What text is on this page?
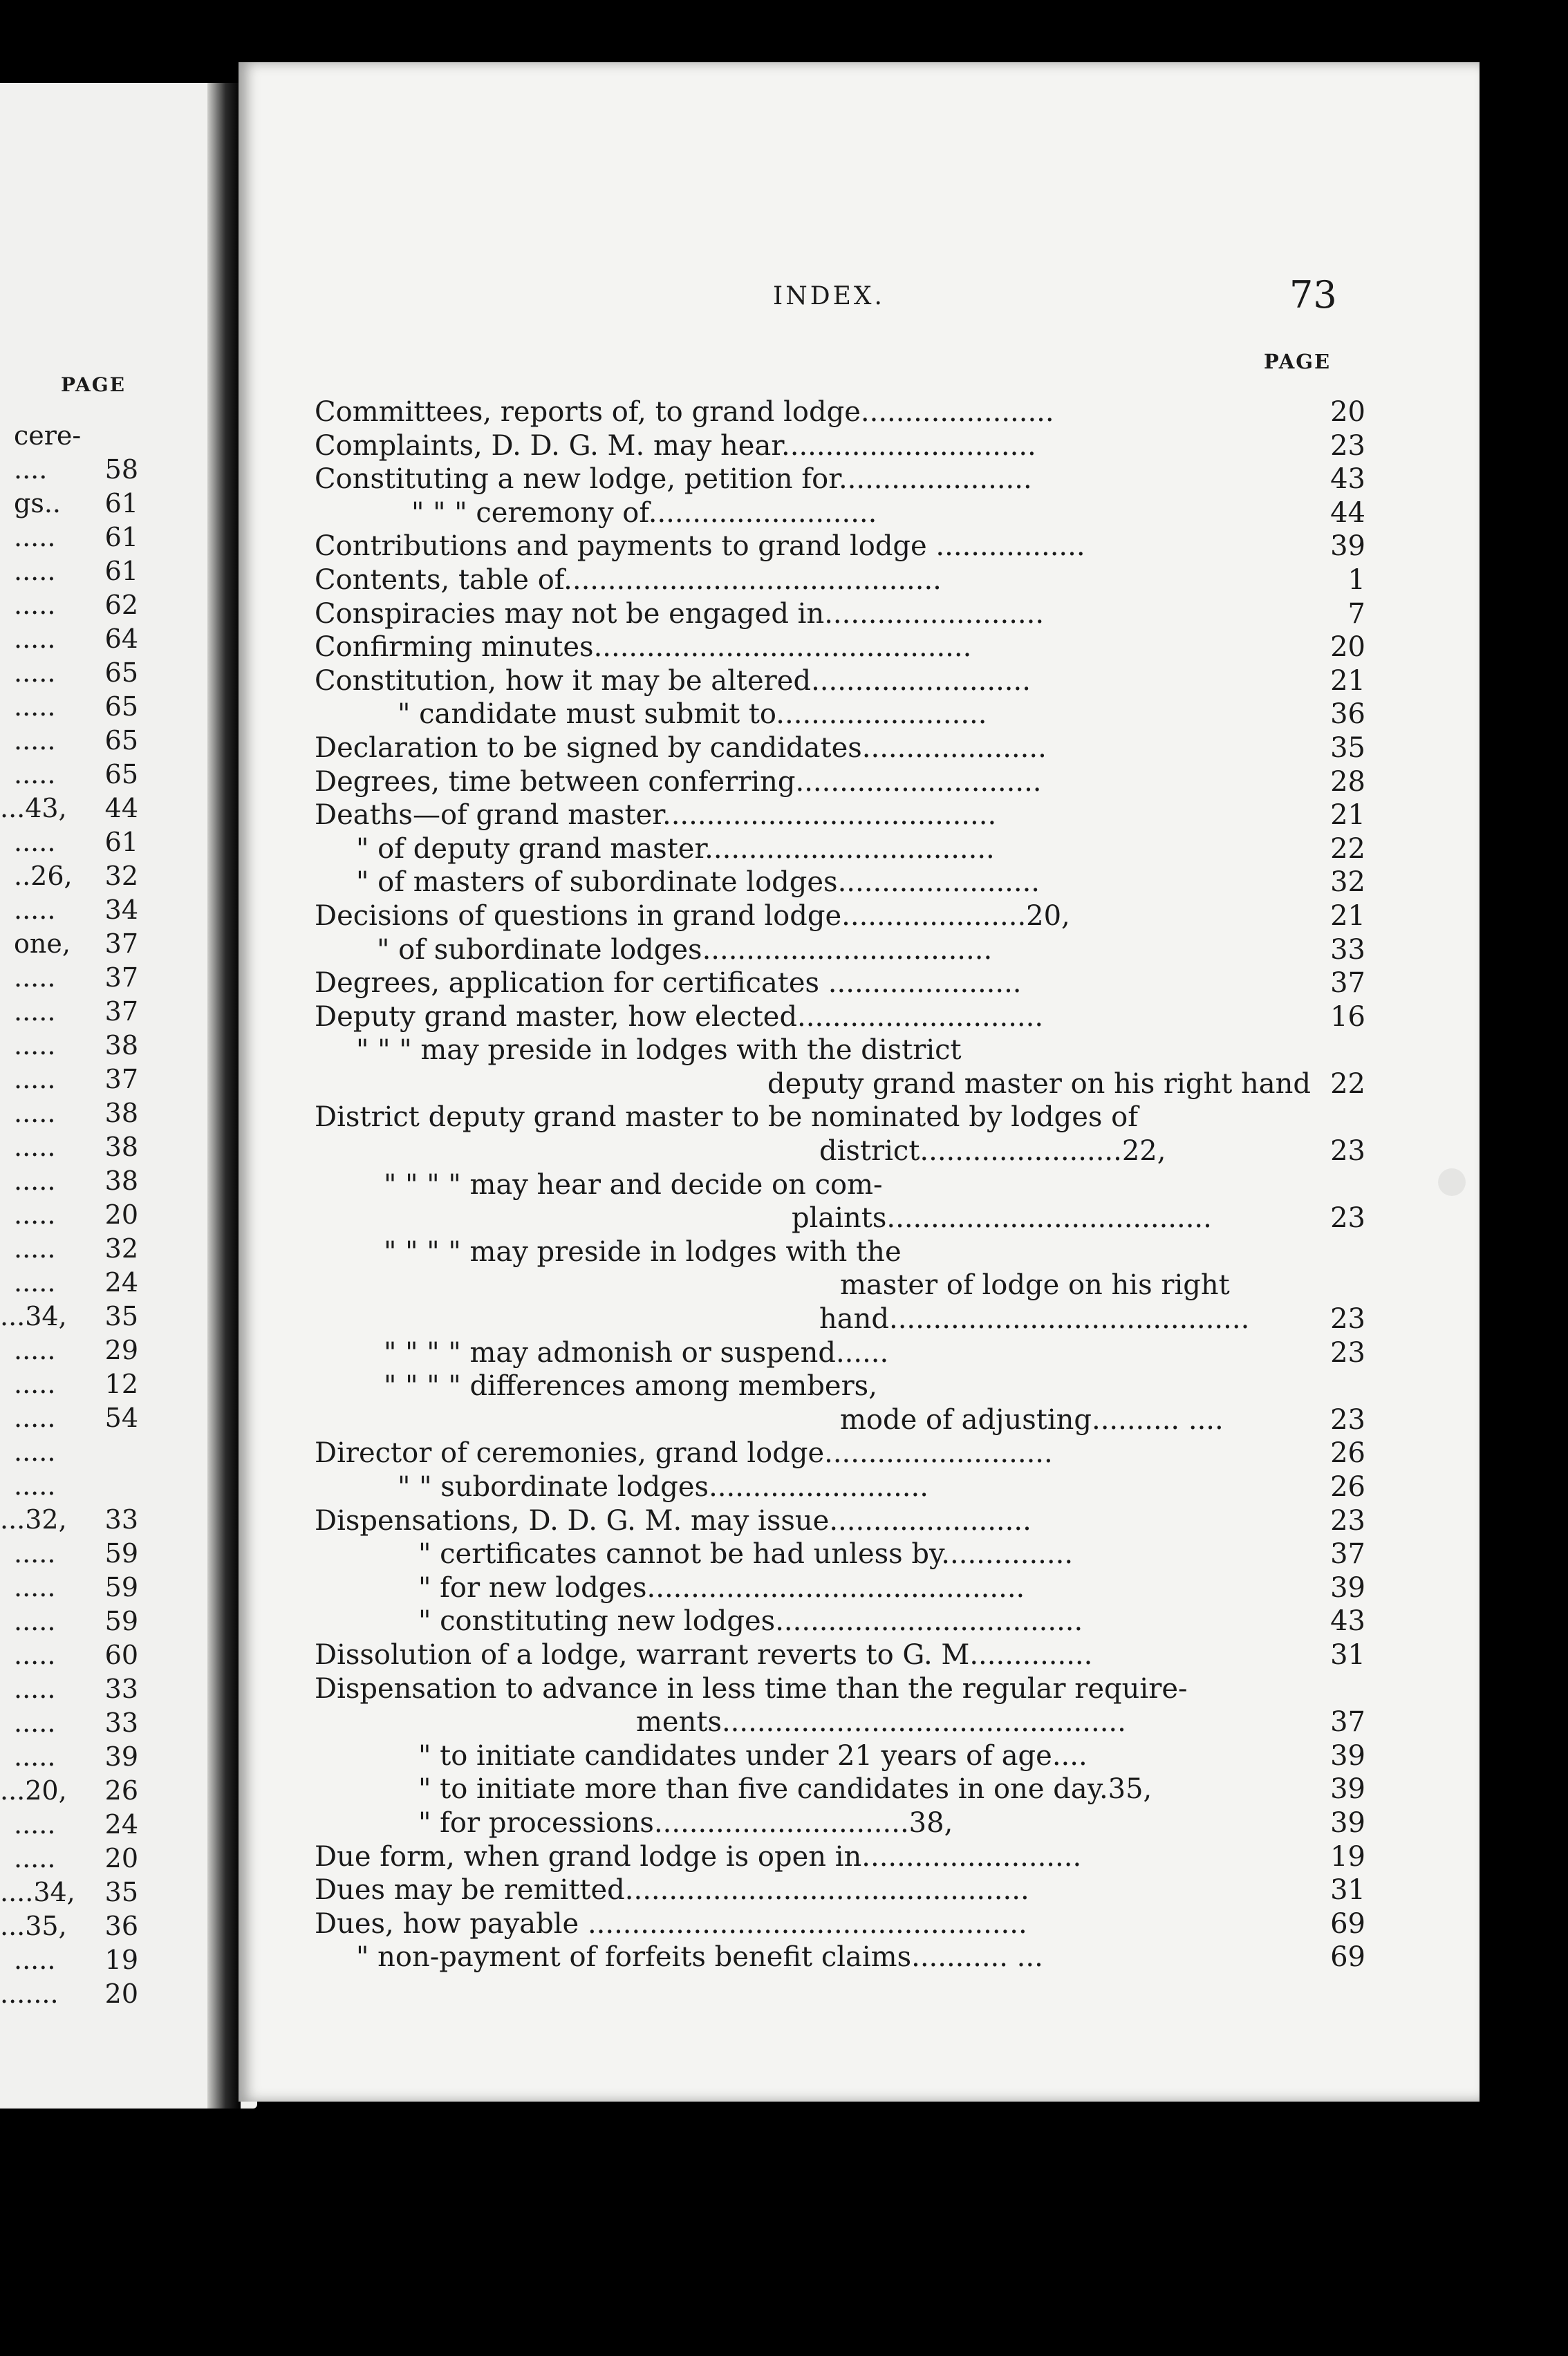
PAGE
cere-
.... 58
gs.. 61
..... 61
..... 61
..... 62
..... 64
..... 65
..... 65
..... 65
..... 65
...43, 44
..... 61
..26, 32
..... 34
one, 37
..... 37
..... 37
..... 38
..... 37
..... 38
..... 38
..... 38
..... 20
..... 32
..... 24
...34, 35
..... 29
..... 12
..... 54
.....
.....
...32, 33
..... 59
..... 59
..... 59
..... 60
..... 33
..... 33
..... 39
...20, 26
..... 24
..... 20
....34, 35
...35, 36
..... 19
....... 20
INDEX.	73
PAGE
Committees, reports of, to grand lodge......................	20
Complaints, D. D. G. M. may hear.............................	23
Constituting a new lodge, petition for......................	43
" " " ceremony of..........................	44
Contributions and payments to grand lodge .................	39
Contents, table of...........................................	1
Conspiracies may not be engaged in.........................	7
Confirming minutes...........................................	20
Constitution, how it may be altered.........................	21
" candidate must submit to........................	36
Declaration to be signed by candidates.....................	35
Degrees, time between conferring............................	28
Deaths—of grand master......................................	21
" of deputy grand master.................................	22
" of masters of subordinate lodges.......................	32
Decisions of questions in grand lodge.....................20,	21
" of subordinate lodges.................................	33
Degrees, application for certificates ......................	37
Deputy grand master, how elected............................	16
" " " may preside in lodges with the district
deputy grand master on his right hand 22
District deputy grand master to be nominated by lodges of
district.......................22,	23
" " " " may hear and decide on com-
plaints.....................................	23
" " " " may preside in lodges with the
master of lodge on his right
hand.........................................	23
" " " " may admonish or suspend......	23
" " " " differences among members,
mode of adjusting.......... ....	23
Director of ceremonies, grand lodge..........................	26
" " subordinate lodges.........................	26
Dispensations, D. D. G. M. may issue.......................	23
" certificates cannot be had unless by...............	37
" for new lodges...........................................	39
" constituting new lodges...................................	43
Dissolution of a lodge, warrant reverts to G. M..............	31
Dispensation to advance in less time than the regular require-
ments..............................................	37
" to initiate candidates under 21 years of age....	39
" to initiate more than five candidates in one day.35,	39
" for processions.............................38,	39
Due form, when grand lodge is open in.........................	19
Dues may be remitted..............................................	31
Dues, how payable ..................................................	69
" non-payment of forfeits benefit claims........... ...	69
